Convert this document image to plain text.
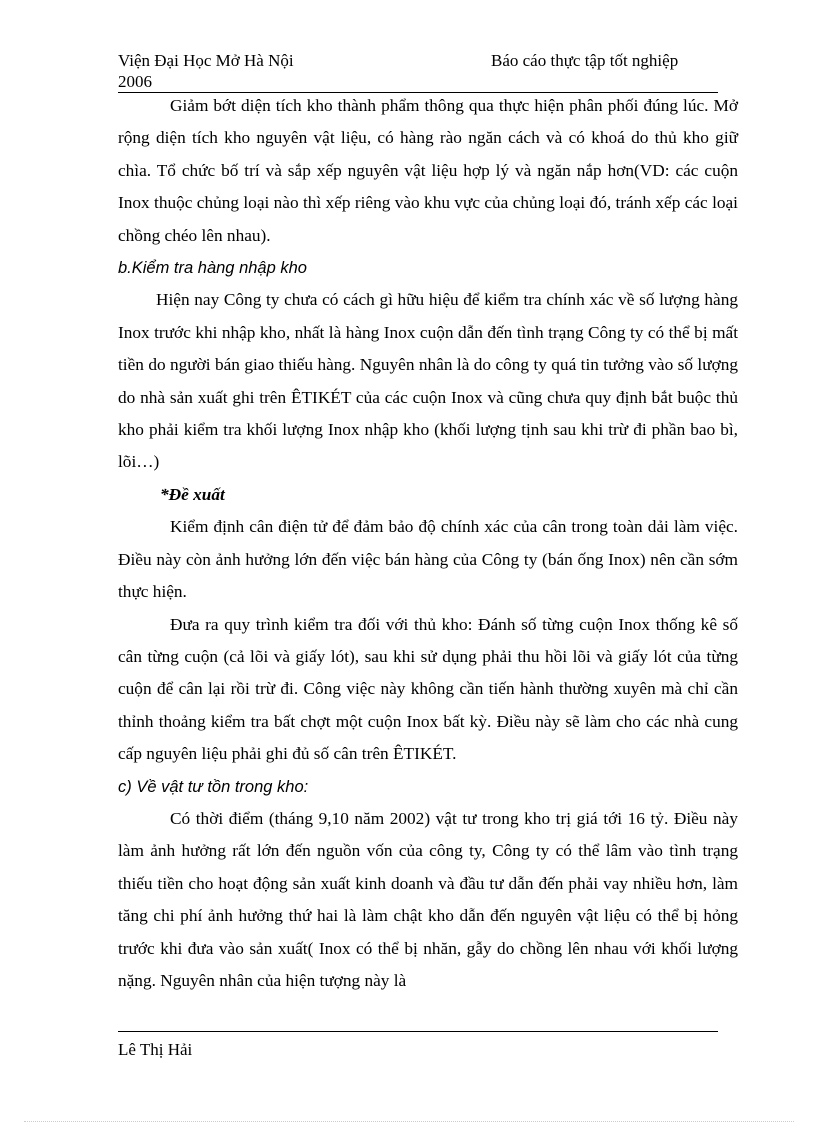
Viện Đại Học Mở Hà Nội
2006
Báo cáo thực tập tốt nghiệp

Giảm bớt diện tích kho thành phẩm thông qua thực hiện phân phối đúng lúc. Mở rộng diện tích kho nguyên vật liệu, có hàng rào ngăn cách và có khoá do thủ kho giữ chìa. Tổ chức bố trí và sắp xếp nguyên vật liệu hợp lý và ngăn nắp hơn(VD: các cuộn Inox thuộc chủng loại nào thì xếp riêng vào khu vực của chủng loại đó, tránh xếp các loại chồng chéo lên nhau).

b.Kiểm tra hàng nhập kho

Hiện nay Công ty chưa có cách gì hữu hiệu để kiểm tra chính xác về số lượng hàng Inox trước khi nhập kho, nhất là hàng Inox cuộn dẫn đến tình trạng Công ty có thể bị mất tiền do người bán giao thiếu hàng. Nguyên nhân là do công ty quá tin tưởng vào số lượng do nhà sản xuất ghi trên ÊTIKÉT của các cuộn Inox và cũng chưa quy định bắt buộc thủ kho phải kiểm tra khối lượng Inox nhập kho (khối lượng tịnh sau khi trừ đi phần bao bì, lõi…)

*Đề xuất

Kiểm định cân điện tử để đảm bảo độ chính xác của cân trong toàn dải làm việc. Điều này còn ảnh hưởng lớn đến việc bán hàng của Công ty (bán ống Inox) nên cần sớm thực hiện.

Đưa ra quy trình kiểm tra đối với thủ kho: Đánh số từng cuộn Inox thống kê số cân từng cuộn (cả lõi và giấy lót), sau khi sử dụng phải thu hồi lõi và giấy lót của từng cuộn để cân lại rồi trừ đi. Công việc này không cần tiến hành thường xuyên mà chỉ cần thỉnh thoảng kiểm tra bất chợt một cuộn Inox bất kỳ. Điều này sẽ làm cho các nhà cung cấp nguyên liệu phải ghi đủ số cân trên ÊTIKÉT.

c) Về vật tư tồn trong kho:

Có thời điểm (tháng 9,10 năm 2002) vật tư trong kho trị giá tới 16 tỷ. Điều này làm ảnh hưởng rất lớn đến nguồn vốn của công ty, Công ty có thể lâm vào tình trạng thiếu tiền cho hoạt động sản xuất kinh doanh và đầu tư dẫn đến phải vay nhiều hơn, làm tăng chi phí ảnh hưởng thứ hai là làm chật kho dẫn đến nguyên vật liệu có thể bị hỏng trước khi đưa vào sản xuất( Inox có thể bị nhăn, gẫy do chồng lên nhau với khối lượng nặng. Nguyên nhân của hiện tượng này là

Lê Thị Hải
